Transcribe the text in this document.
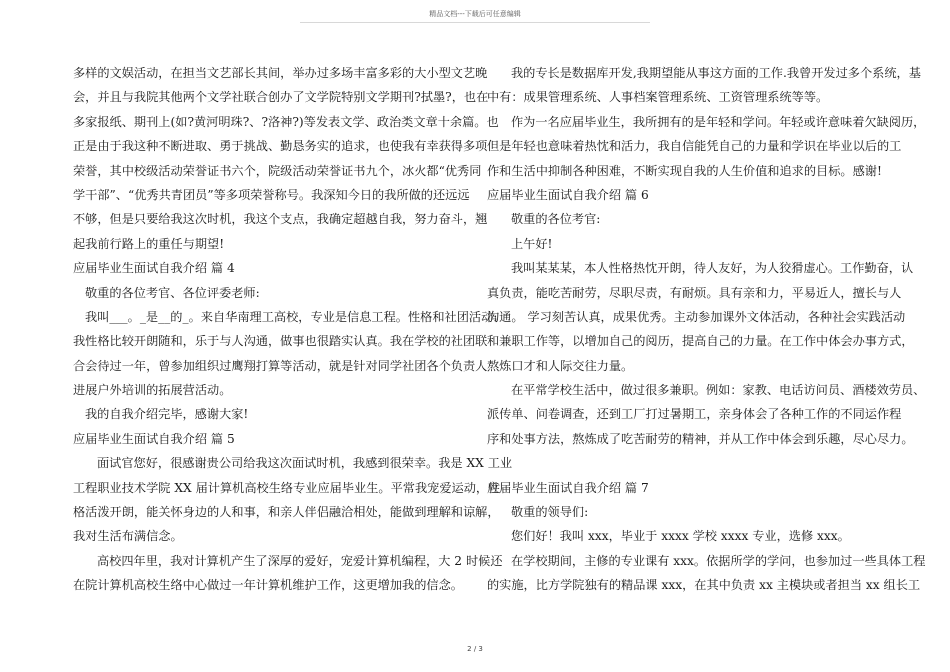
精品文档---下载后可任意编辑
多样的文娱活动，在担当文艺部长其间，举办过多场丰富多彩的大小型文艺晚
会，并且与我院其他两个文学社联合创办了文学院特别文学期刊?拭墨?，也在
多家报纸、期刊上(如?黄河明珠?、?洛神?)等发表文学、政治类文章十余篇。也
正是由于我这种不断进取、勇于挑战、勤恳务实的追求，也使我有幸获得多项
荣誉，其中校级活动荣誉证书六个，院级活动荣誉证书九个，冰火都“优秀同
学干部”、“优秀共青团员”等多项荣誉称号。我深知今日的我所做的还远远
不够，但是只要给我这次时机，我这个支点，我确定超越自我，努力奋斗，翘
起我前行路上的重任与期望!
应届毕业生面试自我介绍 篇 4
敬重的各位考官、各位评委老师:
我叫___。_是__的_。来自华南理工高校，专业是信息工程。性格和社团活动:
我性格比较开朗随和，乐于与人沟通，做事也很踏实认真。我在学校的社团联
合会待过一年，曾参加组织过鹰翔打算等活动，就是针对同学社团各个负责人
进展户外培训的拓展营活动。
我的自我介绍完毕，感谢大家!
应届毕业生面试自我介绍 篇 5
面试官您好，很感谢贵公司给我这次面试时机，我感到很荣幸。我是 XX 工业
工程职业技术学院 XX 届计算机高校生络专业应届毕业生。平常我宠爱运动，性
格活泼开朗，能关怀身边的人和事，和亲人伴侣融洽相处，能做到理解和谅解，
我对生活布满信念。
高校四年里，我对计算机产生了深厚的爱好，宠爱计算机编程，大 2 时候还
在院计算机高校生络中心做过一年计算机维护工作，这更增加我的信念。
我的专长是数据库开发,我期望能从事这方面的工作.我曾开发过多个系统，基
中有：成果管理系统、人事档案管理系统、工资管理系统等等。
作为一名应届毕业生，我所拥有的是年轻和学问。年轻或许意味着欠缺阅历，
但是年轻也意味着热忱和活力，我自信能凭自己的力量和学识在毕业以后的工
作和生活中抑制各种困难，不断实现自我的人生价值和追求的目标。感谢!
应届毕业生面试自我介绍 篇 6
敬重的各位考官:
上午好!
我叫某某某，本人性格热忱开朗，待人友好，为人狡猾虚心。工作勤奋，认
真负责，能吃苦耐劳，尽职尽责，有耐烦。具有亲和力，平易近人，擅长与人
沟通。 学习刻苦认真，成果优秀。主动参加课外文体活动，各种社会实践活动
和兼职工作等，以增加自己的阅历，提高自己的力量。在工作中体会办事方式，
熬炼口才和人际交往力量。
在平常学校生活中，做过很多兼职。例如：家教、电话访问员、酒楼效劳员、
派传单、问卷调查，还到工厂打过暑期工，亲身体会了各种工作的不同运作程
序和处事方法，熬炼成了吃苦耐劳的精神，并从工作中体会到乐趣，尽心尽力。
应届毕业生面试自我介绍 篇 7
敬重的领导们:
您们好！我叫 xxx，毕业于 xxxx 学校 xxxx 专业，选修 xxx。
在学校期间，主修的专业课有 xxx。依据所学的学问，也参加过一些具体工程
的实施，比方学院独有的精品课 xxx，在其中负责 xx 主模块或者担当 xx 组长工
2 / 3
